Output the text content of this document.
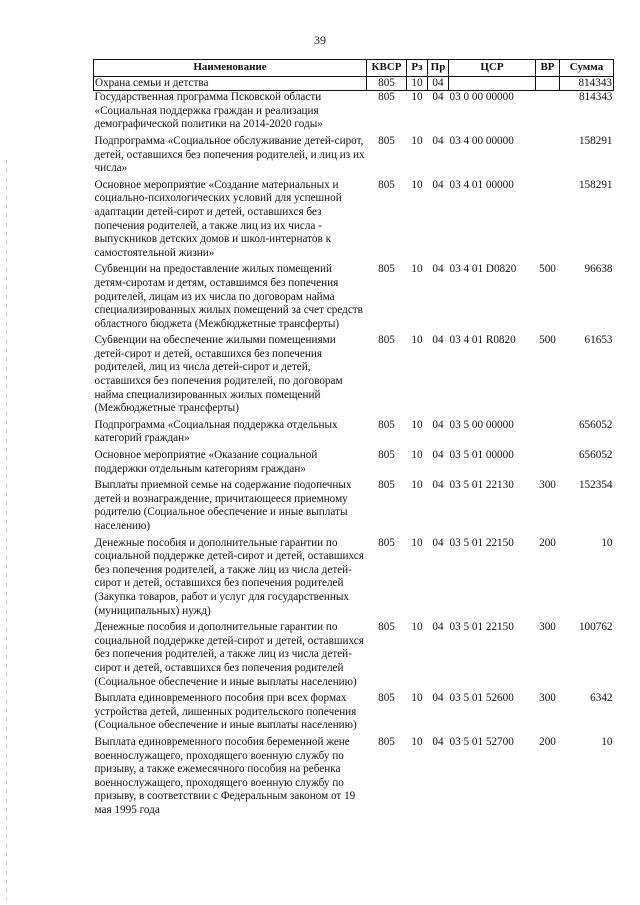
39
Наименование	КВСР	Рз	Пр	ЦСР	ВР	Сумма
Охрана семьи и детства	805	10	04			814343
Государственная программа Псковской области «Социальная поддержка граждан и реализация демографической политики на 2014-2020 годы»	805	10	04	03 0 00 00000		814343
Подпрограмма «Социальное обслуживание детей-сирот, детей, оставшихся без попечения родителей, и лиц из их числа»	805	10	04	03 4 00 00000		158291
Основное мероприятие «Создание материальных и социально-психологических условий для успешной адаптации детей-сирот и детей, оставшихся без попечения родителей, а также лиц из их числа - выпускников детских домов и школ-интернатов к самостоятельной жизни»	805	10	04	03 4 01 00000		158291
Субвенции на предоставление жилых помещений детям-сиротам и детям, оставшимся без попечения родителей, лицам из их числа по договорам найма специализированных жилых помещений за счет средств областного бюджета (Межбюджетные трансферты)	805	10	04	03 4 01 D0820	500	96638
Субвенции на обеспечение жилыми помещениями детей-сирот и детей, оставшихся без попечения родителей, лиц из числа детей-сирот и детей, оставшихся без попечения родителей, по договорам найма специализированных жилых помещений (Межбюджетные трансферты)	805	10	04	03 4 01 R0820	500	61653
Подпрограмма «Социальная поддержка отдельных категорий граждан»	805	10	04	03 5 00 00000		656052
Основное мероприятие «Оказание социальной поддержки отдельным категориям граждан»	805	10	04	03 5 01 00000		656052
Выплаты приемной семье на содержание подопечных детей и вознаграждение, причитающееся приемному родителю (Социальное обеспечение и иные выплаты населению)	805	10	04	03 5 01 22130	300	152354
Денежные пособия и дополнительные гарантии по социальной поддержке детей-сирот и детей, оставшихся без попечения родителей, а также лиц из числа детей-сирот и детей, оставшихся без попечения родителей (Закупка товаров, работ и услуг для государственных (муниципальных) нужд)	805	10	04	03 5 01 22150	200	10
Денежные пособия и дополнительные гарантии по социальной поддержке детей-сирот и детей, оставшихся без попечения родителей, а также лиц из числа детей-сирот и детей, оставшихся без попечения родителей (Социальное обеспечение и иные выплаты населению)	805	10	04	03 5 01 22150	300	100762
Выплата единовременного пособия при всех формах устройства детей, лишенных родительского попечения (Социальное обеспечение и иные выплаты населению)	805	10	04	03 5 01 52600	300	6342
Выплата единовременного пособия беременной жене военнослужащего, проходящего военную службу по призыву, а также ежемесячного пособия на ребенка военнослужащего, проходящего военную службу по призыву, в соответствии с Федеральным законом от 19 мая 1995 года	805	10	04	03 5 01 52700	200	10
